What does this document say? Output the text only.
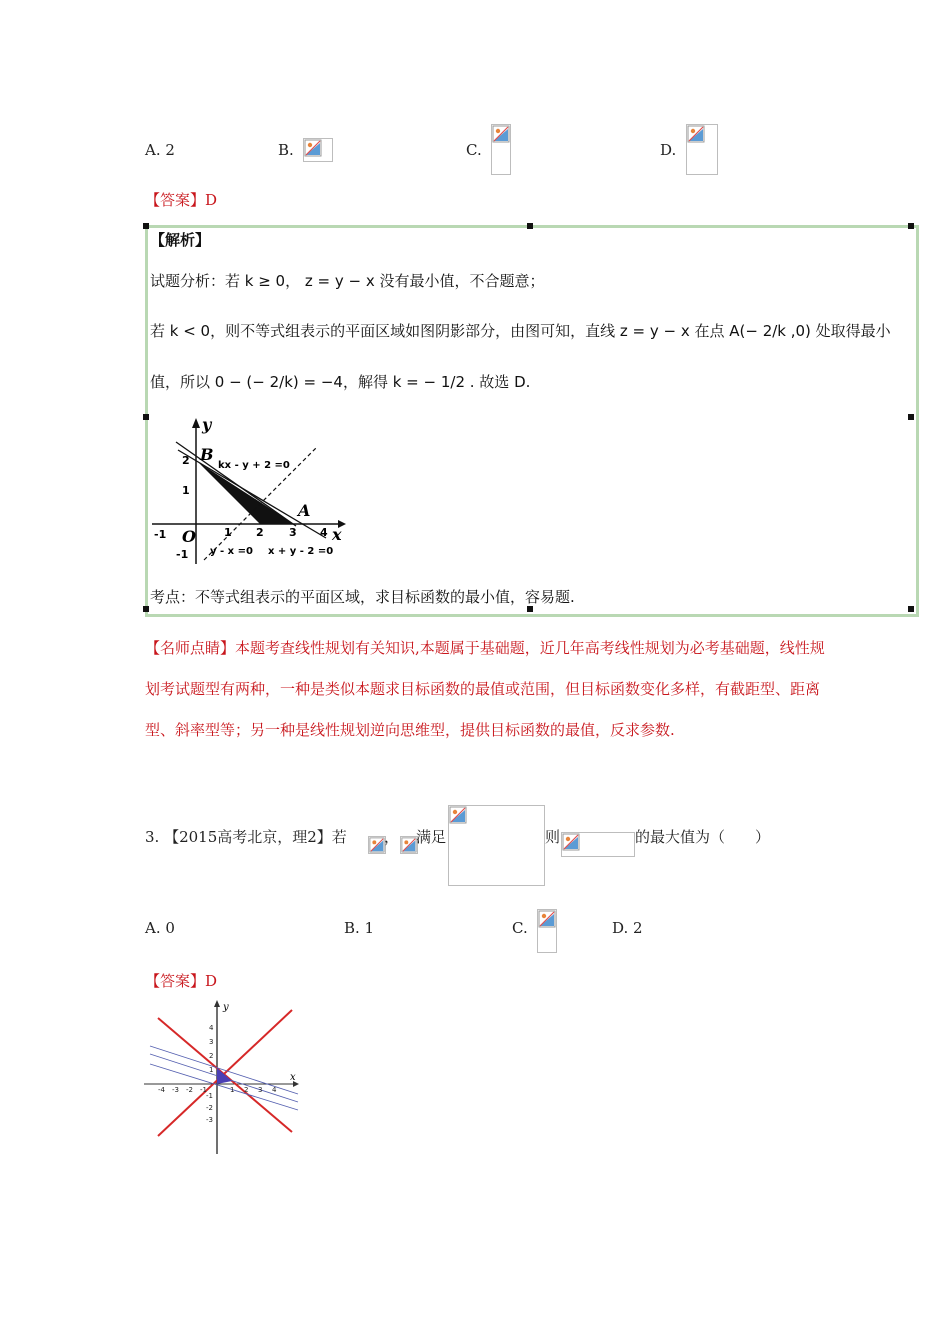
A. 2	B.	C.	D.
【答案】D
【解析】
试题分析：若 k ≥ 0， z = y − x 没有最小值，不合题意；
若 k < 0，则不等式组表示的平面区域如图阴影部分，由图可知，直线 z = y − x 在点 A(− 2/k ,0) 处取得最小
值，所以 0 − (− 2/k) = −4，解得 k = − 1/2 . 故选 D.
y
x
O
B
A
kx - y + 2 =0
y - x =0 x + y - 2 =0
-1	1 2 3 4
2
1
-1
考点：不等式组表示的平面区域，求目标函数的最小值，容易题.
【名师点睛】本题考查线性规划有关知识,本题属于基础题，近几年高考线性规划为必考基础题，线性规划考试题型有两种，一种是类似本题求目标函数的最值或范围，但目标函数变化多样，有截距型、距离型、斜率型等；另一种是线性规划逆向思维型，提供目标函数的最值，反求参数.
3. 【2015高考北京，理2】若 ， 满足	则	的最大值为（　　）
A. 0	B. 1	C.	D. 2
【答案】D
y
x
-4 -3 -2 -1	1 2 3 4
4
3
2
1
-1
-2
-3
